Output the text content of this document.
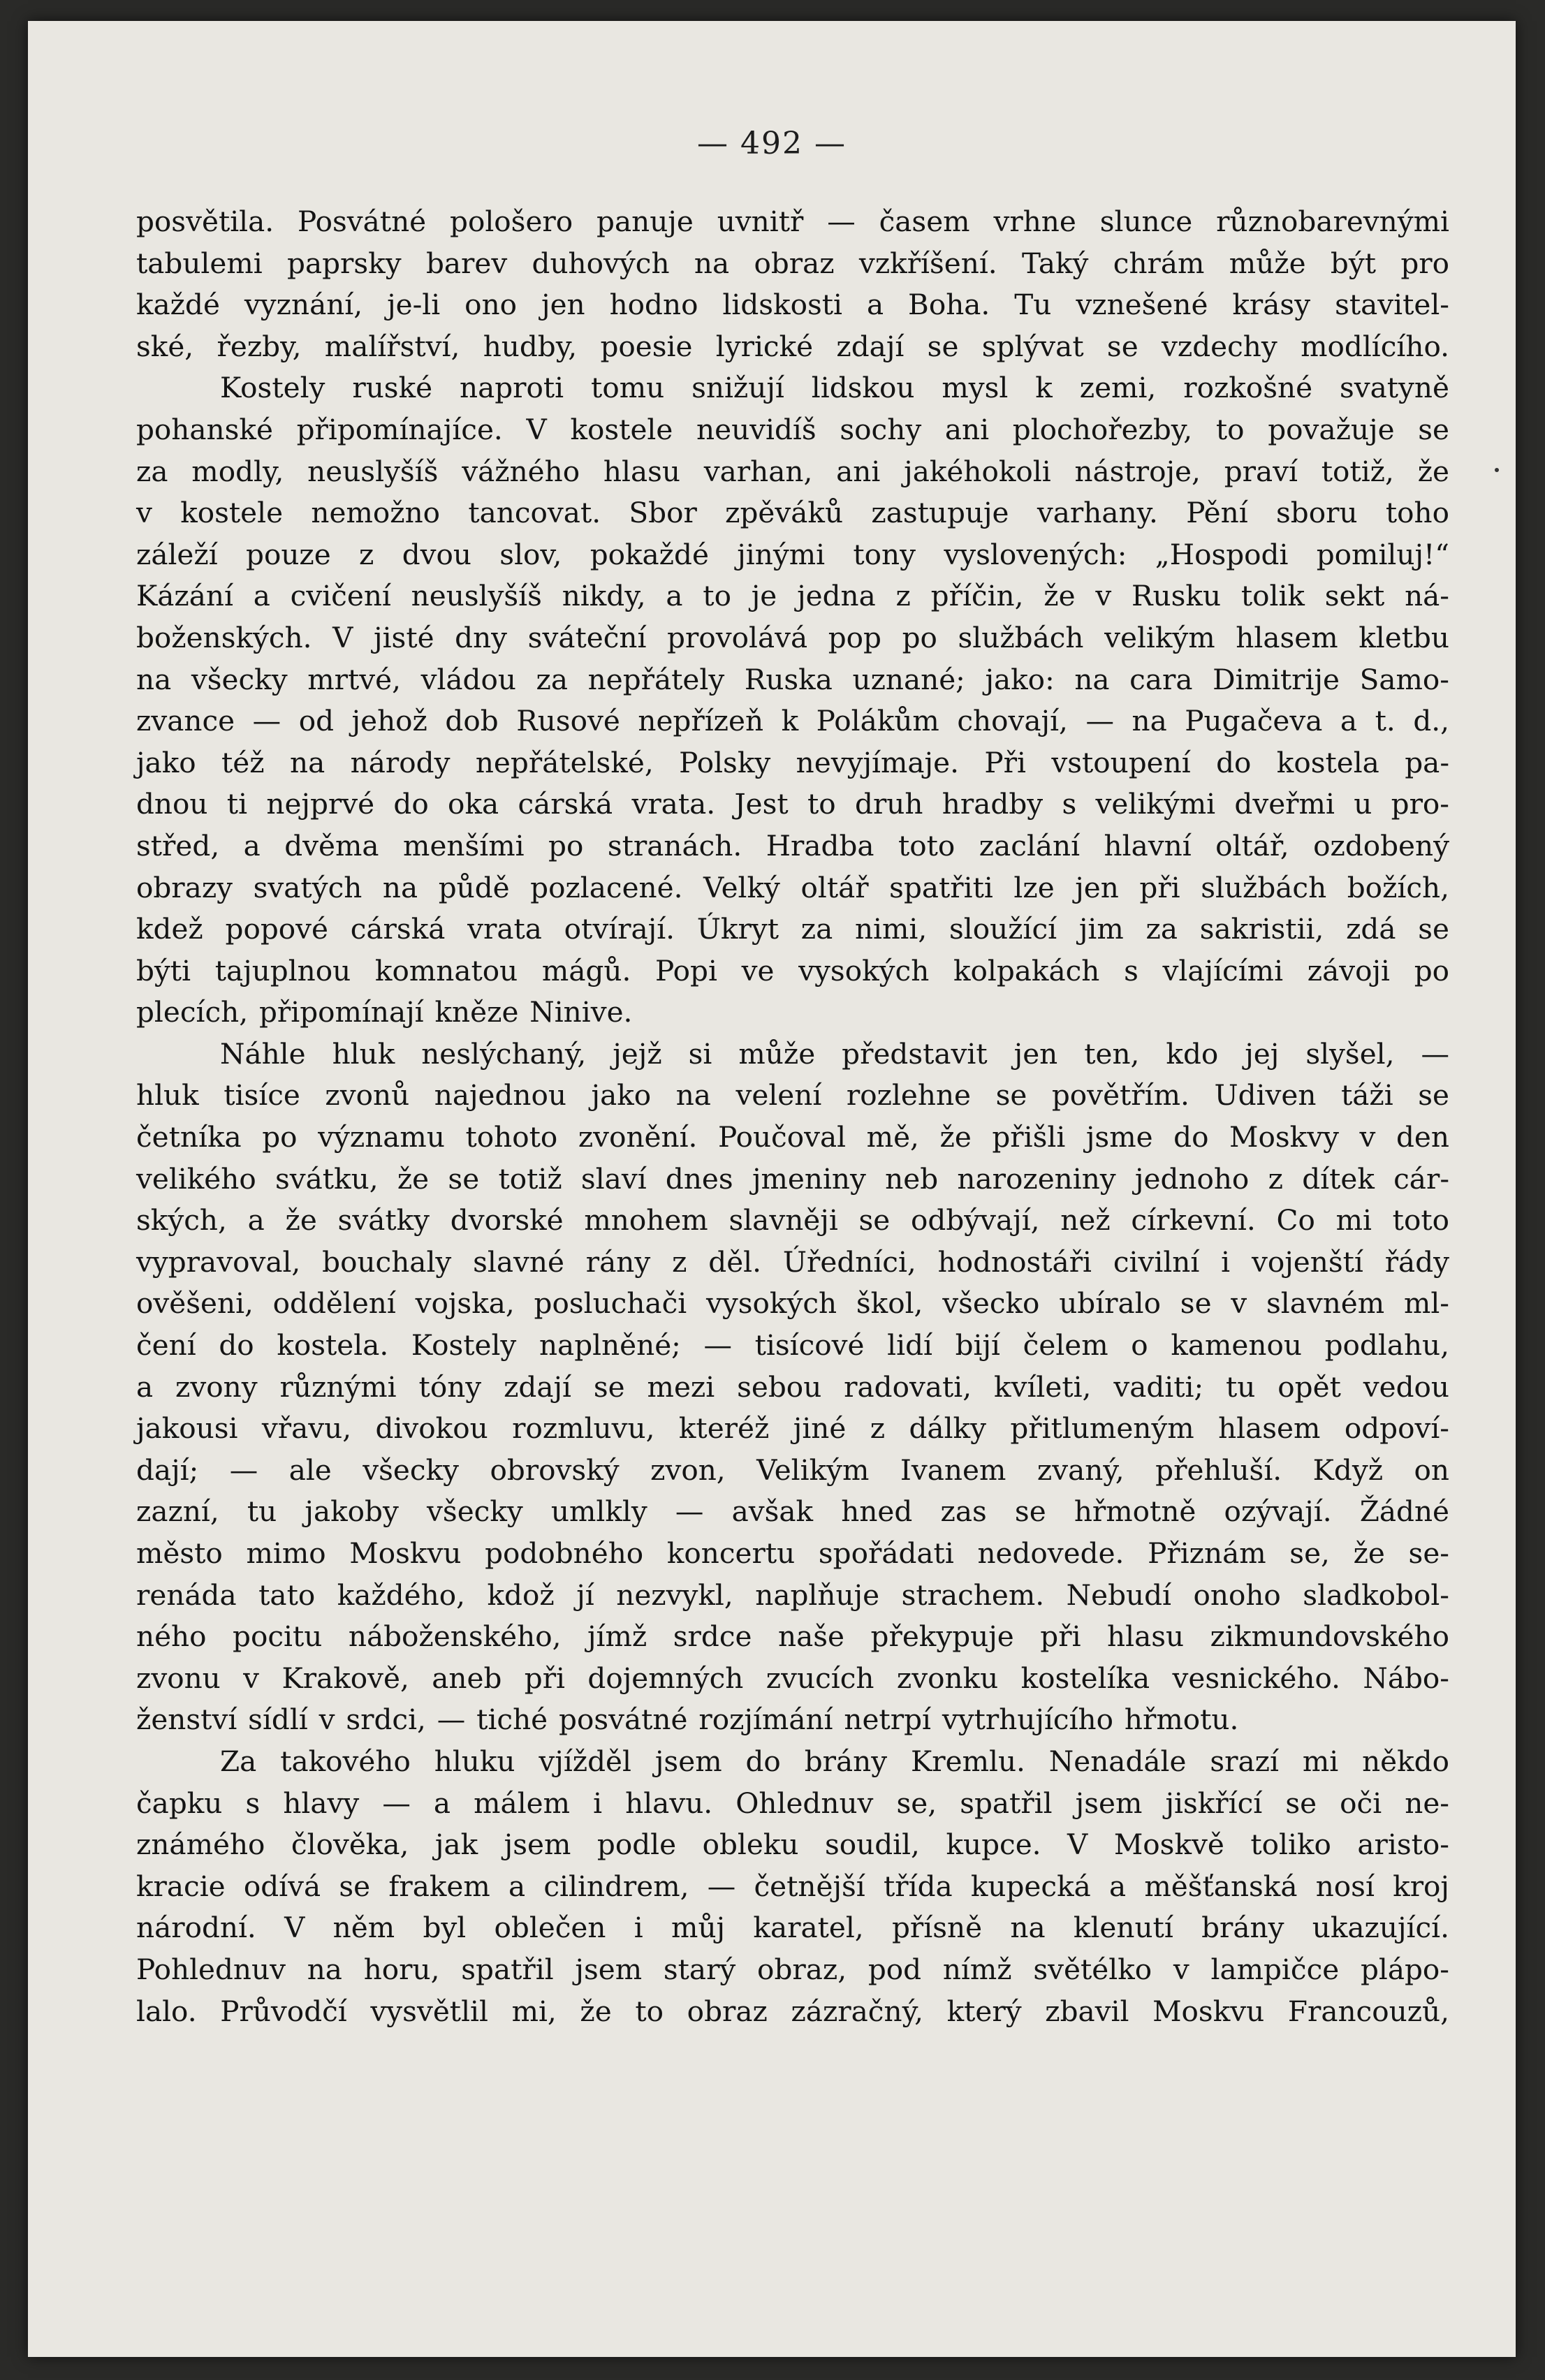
— 492 —

posvětila. Posvátné pološero panuje uvnitř — časem vrhne slunce různobarevnými
tabulemi paprsky barev duhových na obraz vzkříšení. Taký chrám může být pro
každé vyznání, je-li ono jen hodno lidskosti a Boha. Tu vznešené krásy stavitel-
ské, řezby, malířství, hudby, poesie lyrické zdají se splývat se vzdechy modlícího.
Kostely ruské naproti tomu snižují lidskou mysl k zemi, rozkošné svatyně
pohanské připomínajíce. V kostele neuvidíš sochy ani plochořezby, to považuje se
za modly, neuslyšíš vážného hlasu varhan, ani jakéhokoli nástroje, praví totiž, že
v kostele nemožno tancovat. Sbor zpěváků zastupuje varhany. Pění sboru toho
záleží pouze z dvou slov, pokaždé jinými tony vyslovených: „Hospodi pomiluj!“
Kázání a cvičení neuslyšíš nikdy, a to je jedna z příčin, že v Rusku tolik sekt ná-
boženských. V jisté dny sváteční provolává pop po službách velikým hlasem kletbu
na všecky mrtvé, vládou za nepřátely Ruska uznané; jako: na cara Dimitrije Samo-
zvance — od jehož dob Rusové nepřízeň k Polákům chovají, — na Pugačeva a t. d.,
jako též na národy nepřátelské, Polsky nevyjímaje. Při vstoupení do kostela pa-
dnou ti nejprvé do oka cárská vrata. Jest to druh hradby s velikými dveřmi u pro-
střed, a dvěma menšími po stranách. Hradba toto zaclání hlavní oltář, ozdobený
obrazy svatých na půdě pozlacené. Velký oltář spatřiti lze jen při službách božích,
kdež popové cárská vrata otvírají. Úkryt za nimi, sloužící jim za sakristii, zdá se
býti tajuplnou komnatou mágů. Popi ve vysokých kolpakách s vlajícími závoji po
plecích, připomínají kněze Ninive.

Náhle hluk neslýchaný, jejž si může představit jen ten, kdo jej slyšel, —
hluk tisíce zvonů najednou jako na velení rozlehne se povětřím. Udiven táži se
četníka po významu tohoto zvonění. Poučoval mě, že přišli jsme do Moskvy v den
velikého svátku, že se totiž slaví dnes jmeniny neb narozeniny jednoho z dítek cár-
ských, a že svátky dvorské mnohem slavněji se odbývají, než církevní. Co mi toto
vypravoval, bouchaly slavné rány z děl. Úředníci, hodnostáři civilní i vojenští řády
ověšeni, oddělení vojska, posluchači vysokých škol, všecko ubíralo se v slavném ml-
čení do kostela. Kostely naplněné; — tisícové lidí bijí čelem o kamenou podlahu,
a zvony různými tóny zdají se mezi sebou radovati, kvíleti, vaditi; tu opět vedou
jakousi vřavu, divokou rozmluvu, kteréž jiné z dálky přitlumeným hlasem odpoví-
dají; — ale všecky obrovský zvon, Velikým Ivanem zvaný, přehluší. Když on
zazní, tu jakoby všecky umlkly — avšak hned zas se hřmotně ozývají. Žádné
město mimo Moskvu podobného koncertu spořádati nedovede. Přiznám se, že se-
renáda tato každého, kdož jí nezvykl, naplňuje strachem. Nebudí onoho sladkobol-
ného pocitu náboženského, jímž srdce naše překypuje při hlasu zikmundovského
zvonu v Krakově, aneb při dojemných zvucích zvonku kostelíka vesnického. Nábo-
ženství sídlí v srdci, — tiché posvátné rozjímání netrpí vytrhujícího hřmotu.

Za takového hluku vjížděl jsem do brány Kremlu. Nenadále srazí mi někdo
čapku s hlavy — a málem i hlavu. Ohlednuv se, spatřil jsem jiskřící se oči ne-
známého člověka, jak jsem podle obleku soudil, kupce. V Moskvě toliko aristo-
kracie odívá se frakem a cilindrem, — četnější třída kupecká a měšťanská nosí kroj
národní. V něm byl oblečen i můj karatel, přísně na klenutí brány ukazující.
Pohlednuv na horu, spatřil jsem starý obraz, pod nímž světélko v lampičce plápo-
lalo. Průvodčí vysvětlil mi, že to obraz zázračný, který zbavil Moskvu Francouzů,
